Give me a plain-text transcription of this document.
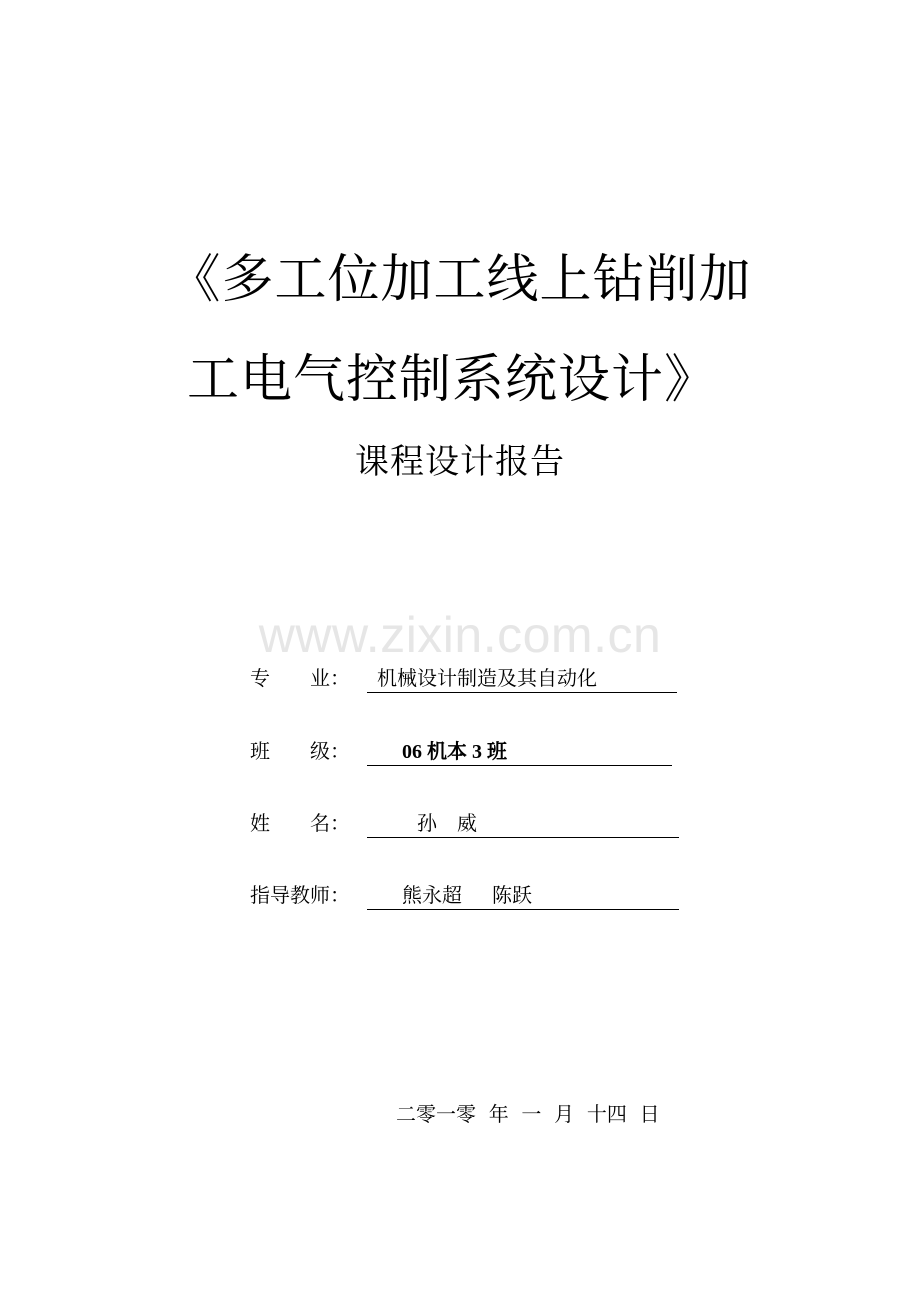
《多工位加工线上钻削加
工电气控制系统设计》
课程设计报告
www.zixin.com.cn
专　　业： 机械设计制造及其自动化
班　　级： 06 机本 3 班
姓　　名： 孙　威
指导教师： 熊永超　  陈跃
二零一零  年  一  月  十四  日
